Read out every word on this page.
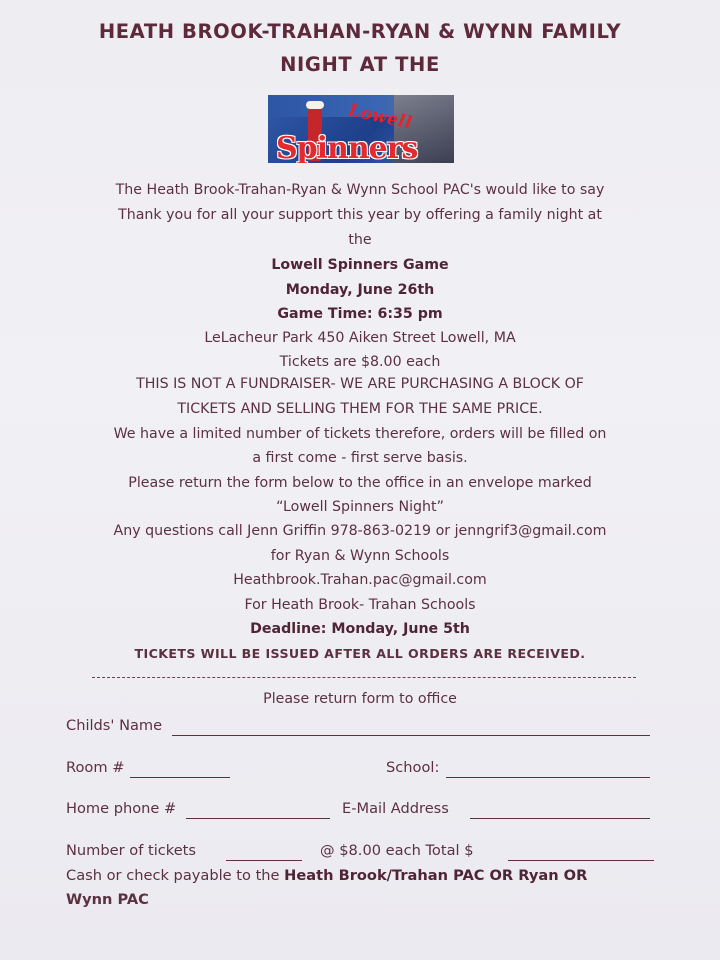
HEATH BROOK-TRAHAN-RYAN & WYNN FAMILY
NIGHT AT THE
Lowell
Spinners
The Heath Brook-Trahan-Ryan & Wynn School PAC's would like to say
Thank you for all your support this year by offering a family night at
the
Lowell Spinners Game
Monday, June 26th
Game Time: 6:35 pm
LeLacheur Park 450 Aiken Street Lowell, MA
Tickets are $8.00 each
THIS IS NOT A FUNDRAISER- WE ARE PURCHASING A BLOCK OF
TICKETS AND SELLING THEM FOR THE SAME PRICE.
We have a limited number of tickets therefore, orders will be filled on
a first come - first serve basis.
Please return the form below to the office in an envelope marked
“Lowell Spinners Night”
Any questions call Jenn Griffin 978-863-0219 or jenngrif3@gmail.com
for Ryan & Wynn Schools
Heathbrook.Trahan.pac@gmail.com
For Heath Brook- Trahan Schools
Deadline: Monday, June 5th
TICKETS WILL BE ISSUED AFTER ALL ORDERS ARE RECEIVED.
Please return form to office
Childs' Name
Room #	School:
Home phone #	E-Mail Address
Number of tickets	@ $8.00 each Total $
Cash or check payable to the Heath Brook/Trahan PAC OR Ryan OR
Wynn PAC
